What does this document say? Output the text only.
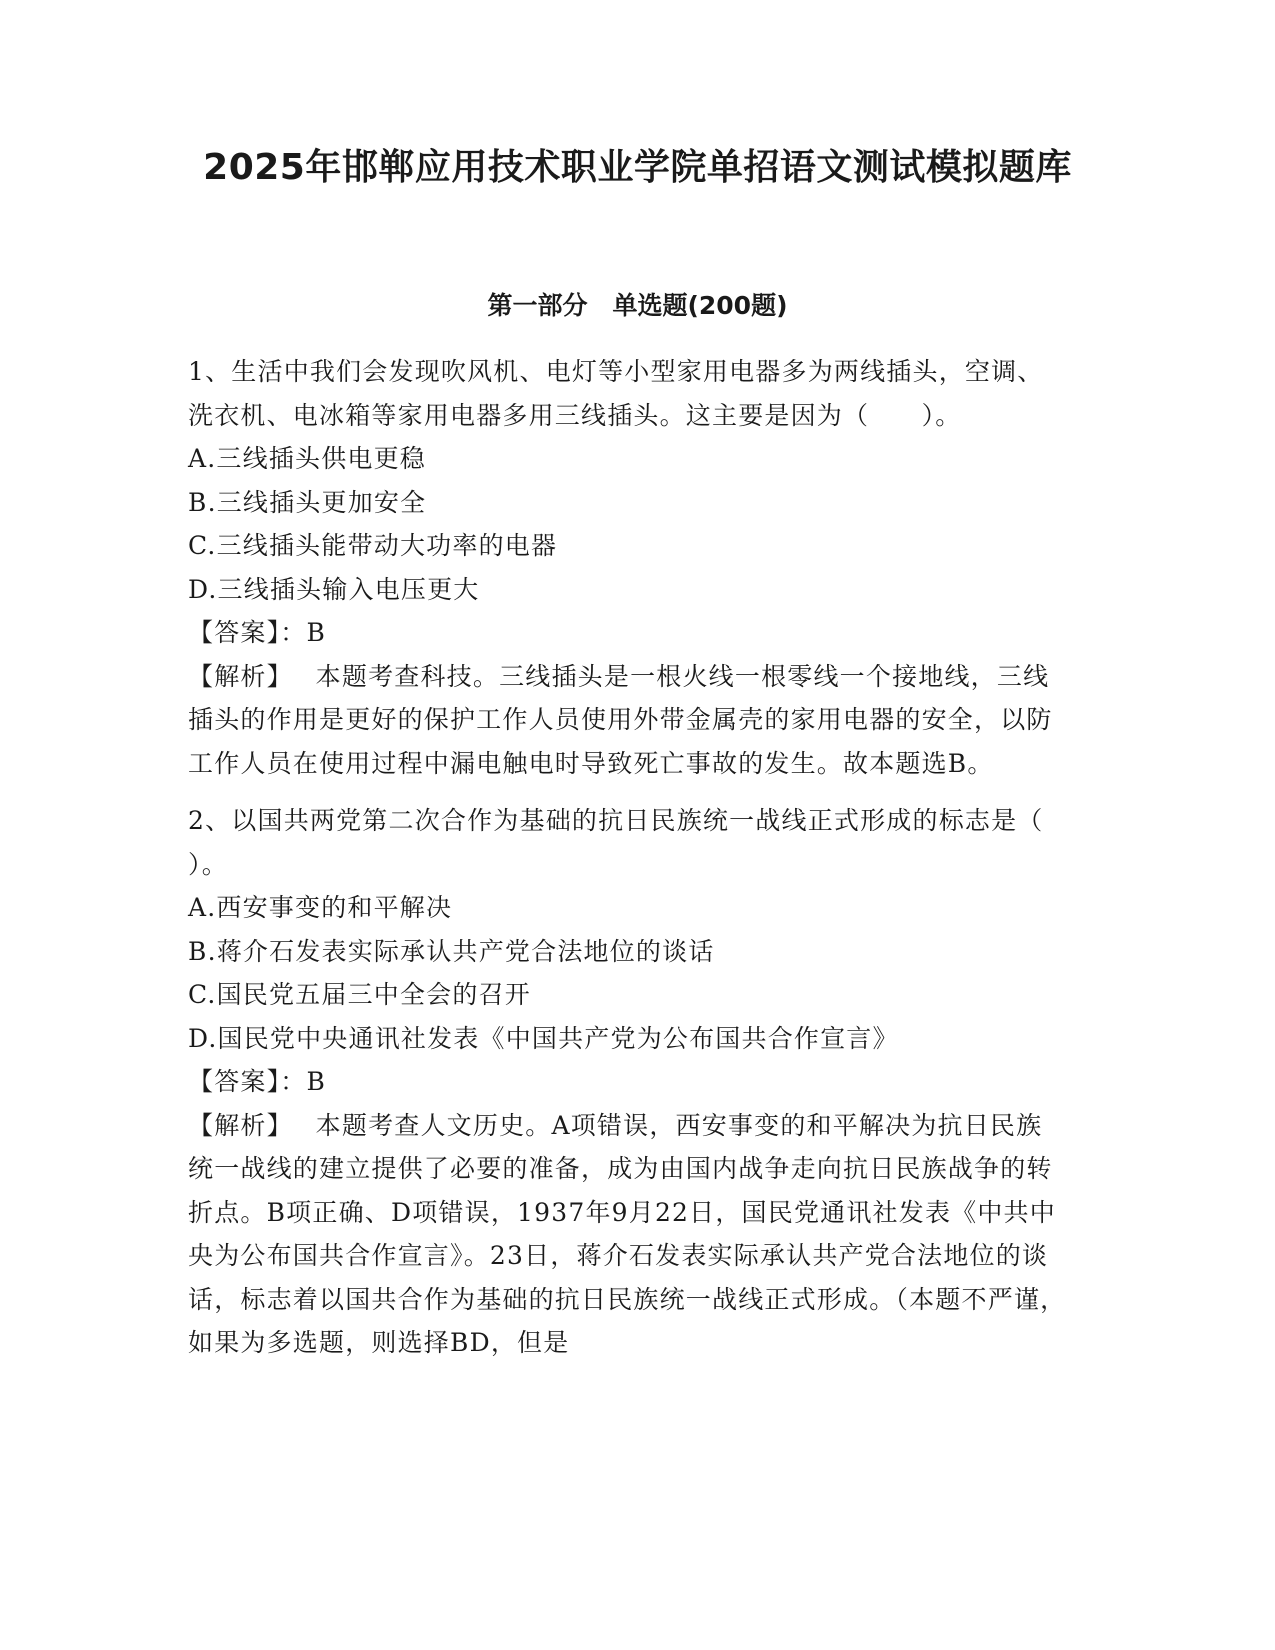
2025年邯郸应用技术职业学院单招语文测试模拟题库
第一部分　单选题(200题)

1、生活中我们会发现吹风机、电灯等小型家用电器多为两线插头，空调、洗衣机、电冰箱等家用电器多用三线插头。这主要是因为（　　）。

A.三线插头供电更稳

B.三线插头更加安全

C.三线插头能带动大功率的电器

D.三线插头输入电压更大

【答案】：B

【解析】　 本题考查科技。三线插头是一根火线一根零线一个接地线，三线插头的作用是更好的保护工作人员使用外带金属壳的家用电器的安全，以防工作人员在使用过程中漏电触电时导致死亡事故的发生。故本题选B。

2、以国共两党第二次合作为基础的抗日民族统一战线正式形成的标志是（　　）。

A.西安事变的和平解决

B.蒋介石发表实际承认共产党合法地位的谈话

C.国民党五届三中全会的召开

D.国民党中央通讯社发表《中国共产党为公布国共合作宣言》

【答案】：B

【解析】　 本题考查人文历史。A项错误，西安事变的和平解决为抗日民族统一战线的建立提供了必要的准备，成为由国内战争走向抗日民族战争的转折点。B项正确、D项错误，1937年9月22日，国民党通讯社发表《中共中央为公布国共合作宣言》。23日，蒋介石发表实际承认共产党合法地位的谈话，标志着以国共合作为基础的抗日民族统一战线正式形成。（本题不严谨，如果为多选题，则选择BD，但是
